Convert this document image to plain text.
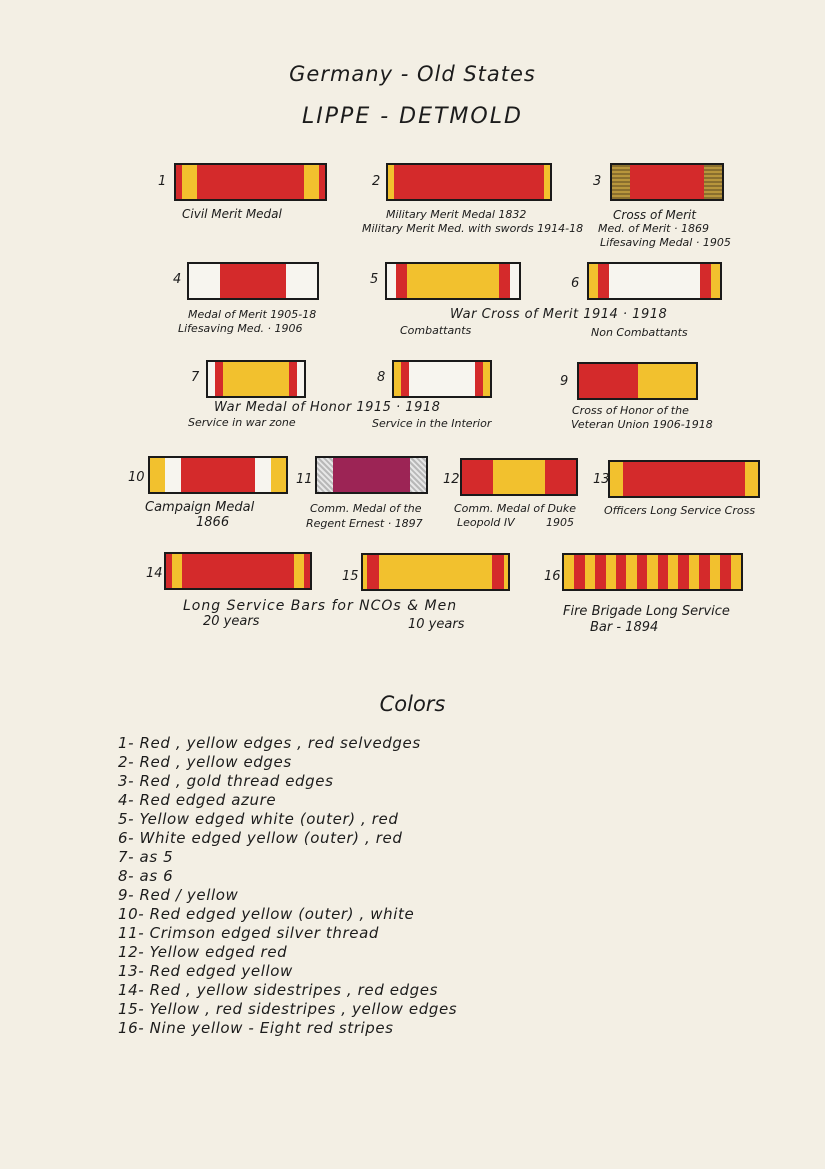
Germany - Old States
LIPPE - DETMOLD
1
Civil Merit Medal
2
Military Merit Medal 1832
Military Merit Med. with swords 1914-18
3
Cross of Merit
Med. of Merit · 1869
Lifesaving Medal · 1905
4
Medal of Merit 1905-18
Lifesaving Med. · 1906
5
Combattants
6
Non Combattants
War Cross of Merit 1914 · 1918
7
Service in war zone
8
Service in the Interior
War Medal of Honor 1915 · 1918
9
Cross of Honor of the
Veteran Union 1906-1918
10
Campaign Medal
1866
11
Comm. Medal of the
Regent Ernest · 1897
12
Comm. Medal of Duke
Leopold IV	1905
13
Officers Long Service Cross
14
20 years
15
10 years
Long Service Bars for NCOs & Men
16
Fire Brigade Long Service
Bar - 1894
Colors
1- Red , yellow edges , red selvedges
2- Red , yellow edges
3- Red , gold thread edges
4- Red edged azure
5- Yellow edged white (outer) , red
6- White edged yellow (outer) , red
7- as 5
8- as 6
9- Red / yellow
10- Red edged yellow (outer) , white
11- Crimson edged silver thread
12- Yellow edged red
13- Red edged yellow
14- Red , yellow sidestripes , red edges
15- Yellow , red sidestripes , yellow edges
16- Nine yellow - Eight red stripes
